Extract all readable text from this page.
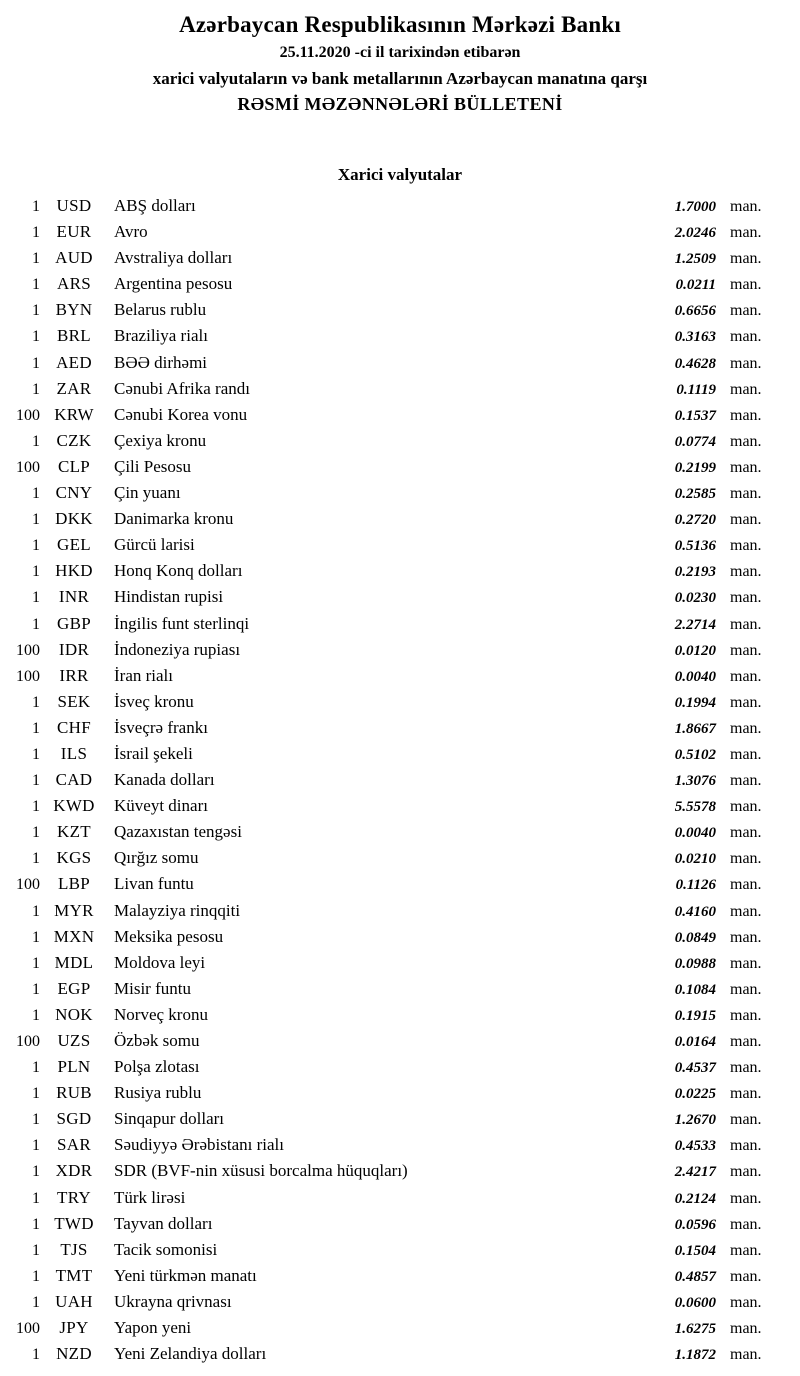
Azərbaycan Respublikasının Mərkəzi Bankı
25.11.2020 -ci il tarixindən etibarən
xarici valyutaların və bank metallarının Azərbaycan manatına qarşı
RƏSMİ MƏZƏNNƏLƏRİ BÜLLETENİ
Xarici valyutalar
1 USD	ABŞ dolları	1.7000 man.
1 EUR	Avro	2.0246 man.
1 AUD	Avstraliya dolları	1.2509 man.
1	ARS	Argentina pesosu	0.0211 man.
1 BYN	Belarus rublu	0.6656 man.
1	BRL	Braziliya rialı	0.3163 man.
1 AED	BƏƏ dirhəmi	0.4628 man.
1 ZAR	Cənubi Afrika randı	0.1119 man.
100 KRW	Cənubi Korea vonu	0.1537 man.
1 CZK	Çexiya kronu	0.0774 man.
100	CLP	Çili Pesosu	0.2199 man.
1 CNY	Çin yuanı	0.2585 man.
1 DKK	Danimarka kronu	0.2720 man.
1	GEL	Gürcü larisi	0.5136 man.
1 HKD	Honq Konq dolları	0.2193 man.
1	INR	Hindistan rupisi	0.0230 man.
1	GBP	İngilis funt sterlinqi	2.2714 man.
100	IDR	İndoneziya rupiası	0.0120 man.
100	IRR	İran rialı	0.0040 man.
1	SEK	İsveç kronu	0.1994 man.
1	CHF	İsveçrə frankı	1.8667 man.
1	ILS	İsrail şekeli	0.5102 man.
1 CAD	Kanada dolları	1.3076 man.
1 KWD	Küveyt dinarı	5.5578 man.
1	KZT	Qazaxıstan tengəsi	0.0040 man.
1 KGS	Qırğız somu	0.0210 man.
100	LBP	Livan funtu	0.1126 man.
1 MYR	Malayziya rinqqiti	0.4160 man.
1 MXN	Meksika pesosu	0.0849 man.
1 MDL	Moldova leyi	0.0988 man.
1	EGP	Misir funtu	0.1084 man.
1 NOK	Norveç kronu	0.1915 man.
100	UZS	Özbək somu	0.0164 man.
1	PLN	Polşa zlotası	0.4537 man.
1 RUB	Rusiya rublu	0.0225 man.
1 SGD	Sinqapur dolları	1.2670 man.
1	SAR	Səudiyyə Ərəbistanı rialı	0.4533 man.
1 XDR	SDR (BVF-nin xüsusi borcalma hüquqları)	2.4217 man.
1	TRY	Türk lirəsi	0.2124 man.
1 TWD	Tayvan dolları	0.0596 man.
1	TJS	Tacik somonisi	0.1504 man.
1 TMT	Yeni türkmən manatı	0.4857 man.
1 UAH	Ukrayna qrivnası	0.0600 man.
100	JPY	Yapon yeni	1.6275 man.
1 NZD	Yeni Zelandiya dolları	1.1872 man.
